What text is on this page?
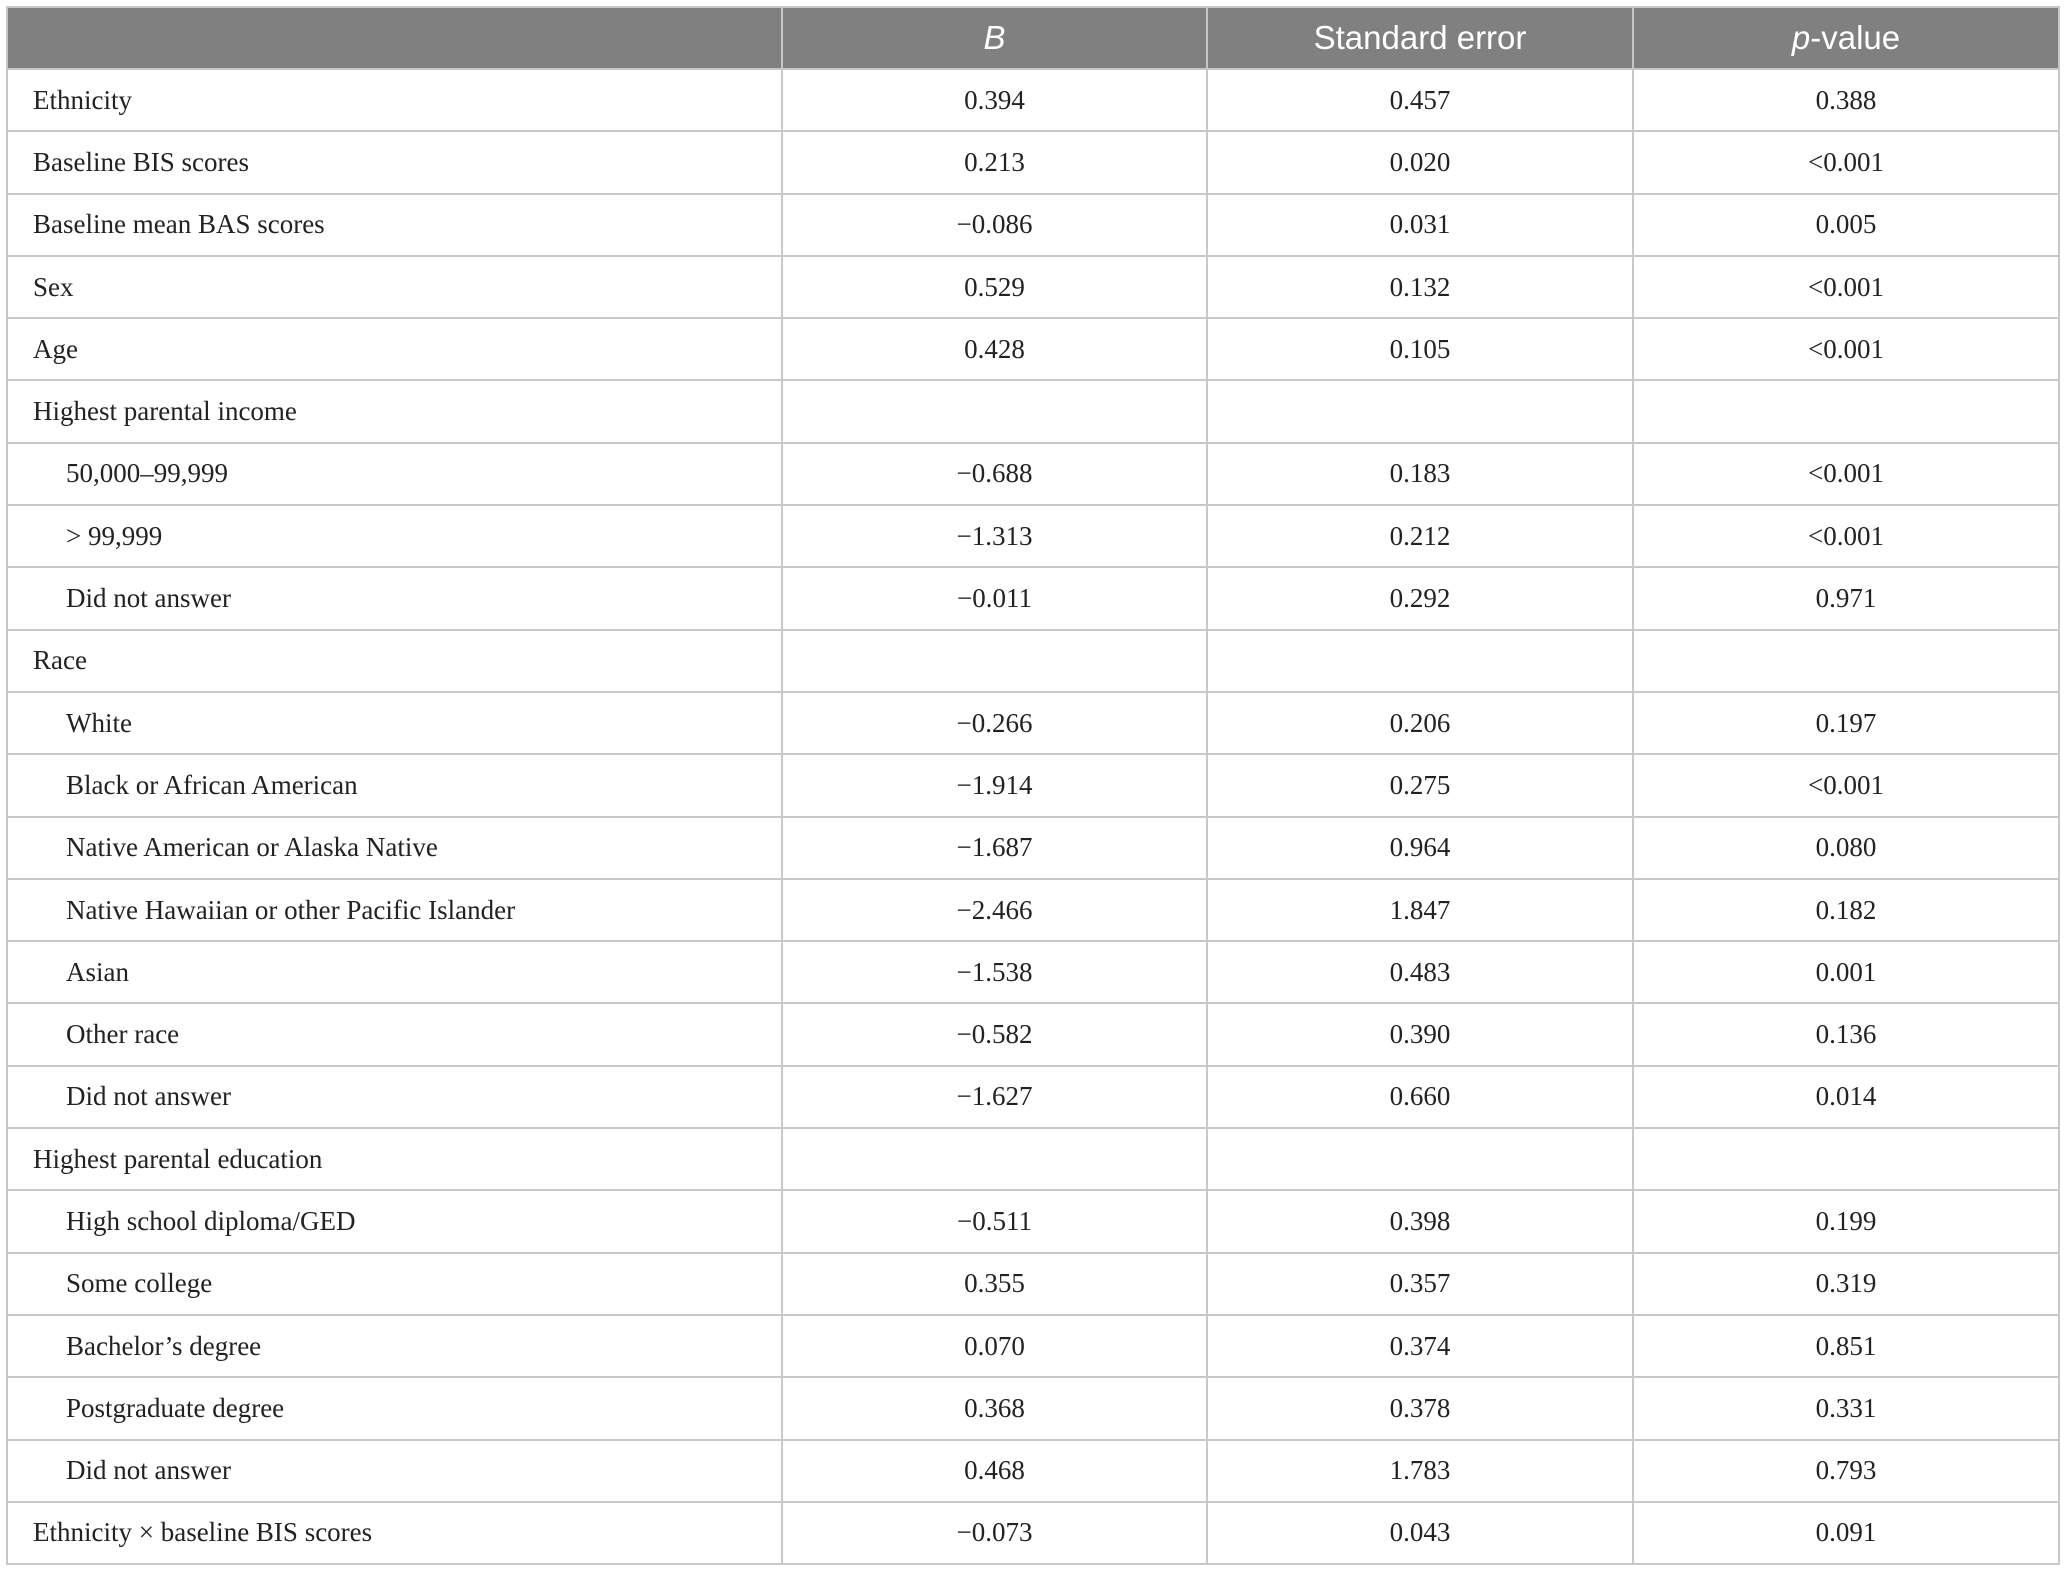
	B	Standard error	p-value
Ethnicity	0.394	0.457	0.388
Baseline BIS scores	0.213	0.020	<0.001
Baseline mean BAS scores	−0.086	0.031	0.005
Sex	0.529	0.132	<0.001
Age	0.428	0.105	<0.001
Highest parental income			
50,000–99,999	−0.688	0.183	<0.001
> 99,999	−1.313	0.212	<0.001
Did not answer	−0.011	0.292	0.971
Race			
White	−0.266	0.206	0.197
Black or African American	−1.914	0.275	<0.001
Native American or Alaska Native	−1.687	0.964	0.080
Native Hawaiian or other Pacific Islander	−2.466	1.847	0.182
Asian	−1.538	0.483	0.001
Other race	−0.582	0.390	0.136
Did not answer	−1.627	0.660	0.014
Highest parental education			
High school diploma/GED	−0.511	0.398	0.199
Some college	0.355	0.357	0.319
Bachelor’s degree	0.070	0.374	0.851
Postgraduate degree	0.368	0.378	0.331
Did not answer	0.468	1.783	0.793
Ethnicity × baseline BIS scores	−0.073	0.043	0.091
